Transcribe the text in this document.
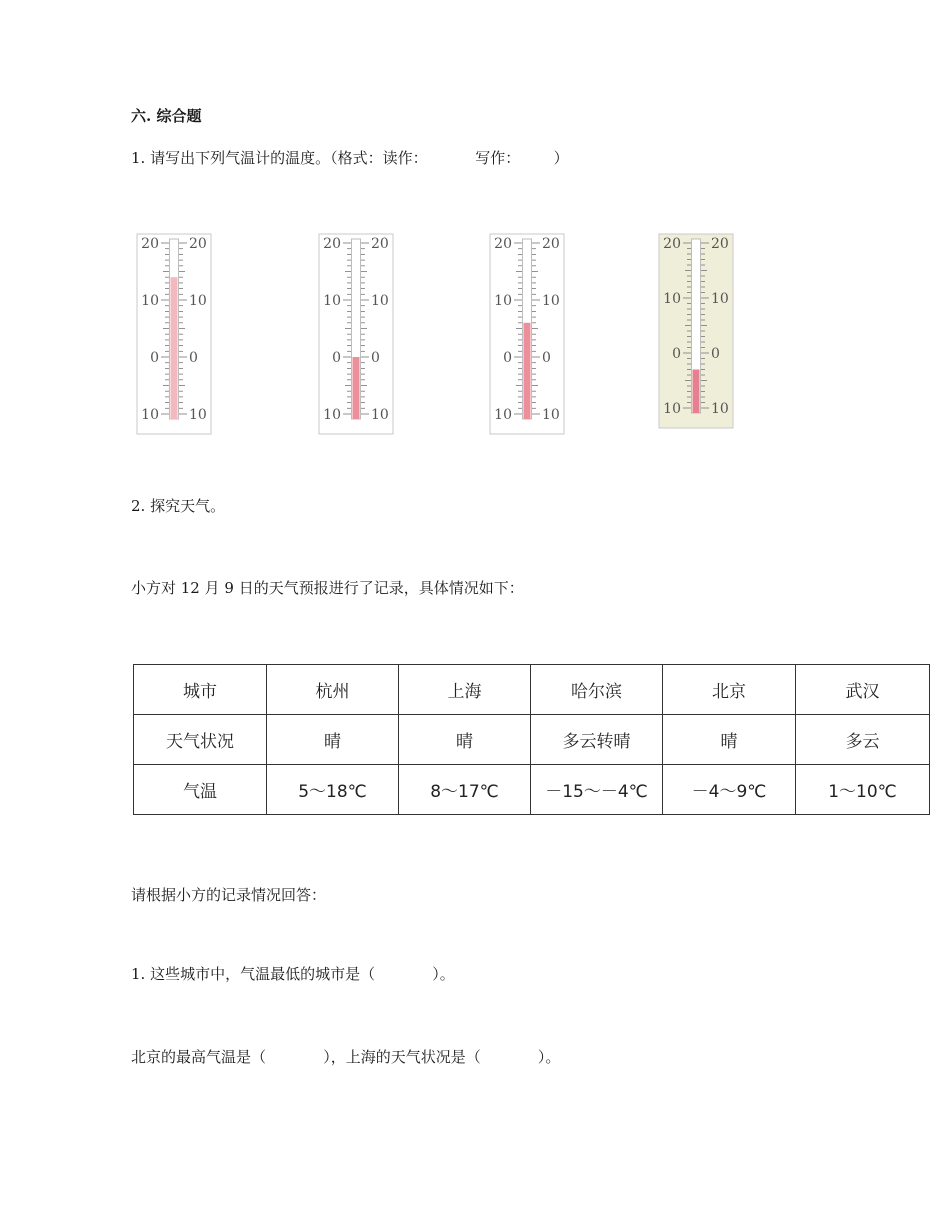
六. 综合题
1. 请写出下列气温计的温度。（格式：读作：          写作：       ）
20 20
10 10
0 0
10 10
20 20
10 10
0 0
10 10
20 20
10 10
0 0
10 10
20 20
10 10
0 0
10 10
2. 探究天气。
小方对 12 月 9 日的天气预报进行了记录，具体情况如下：
城市	杭州	上海	哈尔滨	北京	武汉
天气状况	晴	晴	多云转晴	晴	多云
气温	5～18℃	8～17℃	－15～－4℃	－4～9℃	1～10℃
请根据小方的记录情况回答：
1. 这些城市中，气温最低的城市是（            ）。
北京的最高气温是（            ），上海的天气状况是（            ）。
